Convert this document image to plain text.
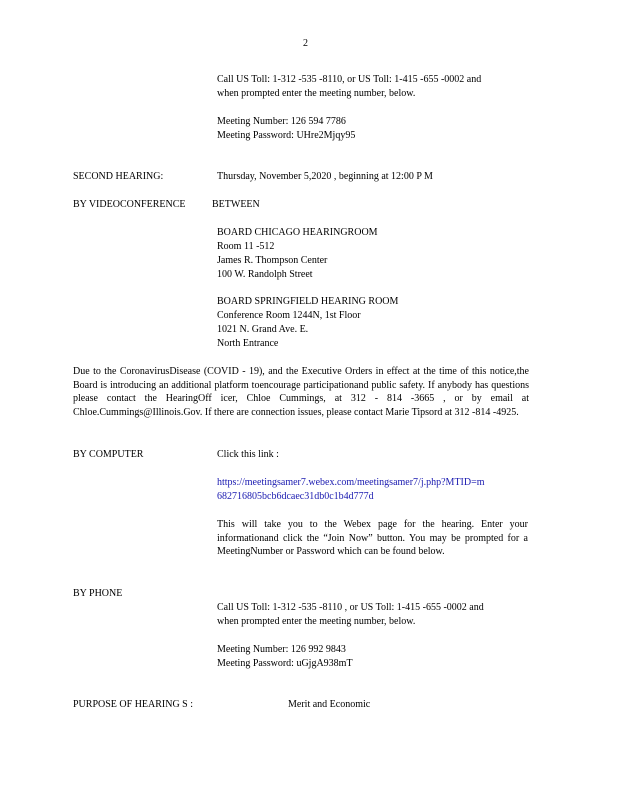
2
Call US Toll: 1-312 -535 -8110, or US Toll: 1-415 -655 -0002 and
when prompted enter the meeting number, below.
Meeting Number: 126 594 7786
Meeting Password: UHre2Mjqy95
SECOND HEARING:	Thursday, November 5,2020 , beginning at 12:00 P M
BY VIDEOCONFERENCE	BETWEEN
BOARD CHICAGO HEARINGROOM
Room 11 -512
James R. Thompson Center
100 W. Randolph Street
BOARD SPRINGFIELD HEARING ROOM
Conference Room 1244N, 1st Floor
1021 N. Grand Ave. E.
North Entrance
Due to the CoronavirusDisease (COVID - 19), and the Executive Orders in effect at the time of this notice,the Board is introducing an additional platform toencourage participationand public safety. If anybody has questions please contact the HearingOff icer, Chloe Cummings, at 312 - 814 -3665 , or by email at Chloe.Cummings@Illinois.Gov. If there are connection issues, please contact Marie Tipsord at 312 -814 -4925.
BY COMPUTER	Click this link :
https://meetingsamer7.webex.com/meetingsamer7/j.php?MTID=m
682716805bcb6dcaec31db0c1b4d777d
This will take you to the Webex page for the hearing. Enter your informationand click the “Join Now” button. You may be prompted for a MeetingNumber or Password which can be found below.
BY PHONE
Call US Toll: 1-312 -535 -8110 , or US Toll: 1-415 -655 -0002 and
when prompted enter the meeting number, below.
Meeting Number: 126 992 9843
Meeting Password: uGjgA938mT
PURPOSE OF HEARING S :	Merit and Economic
